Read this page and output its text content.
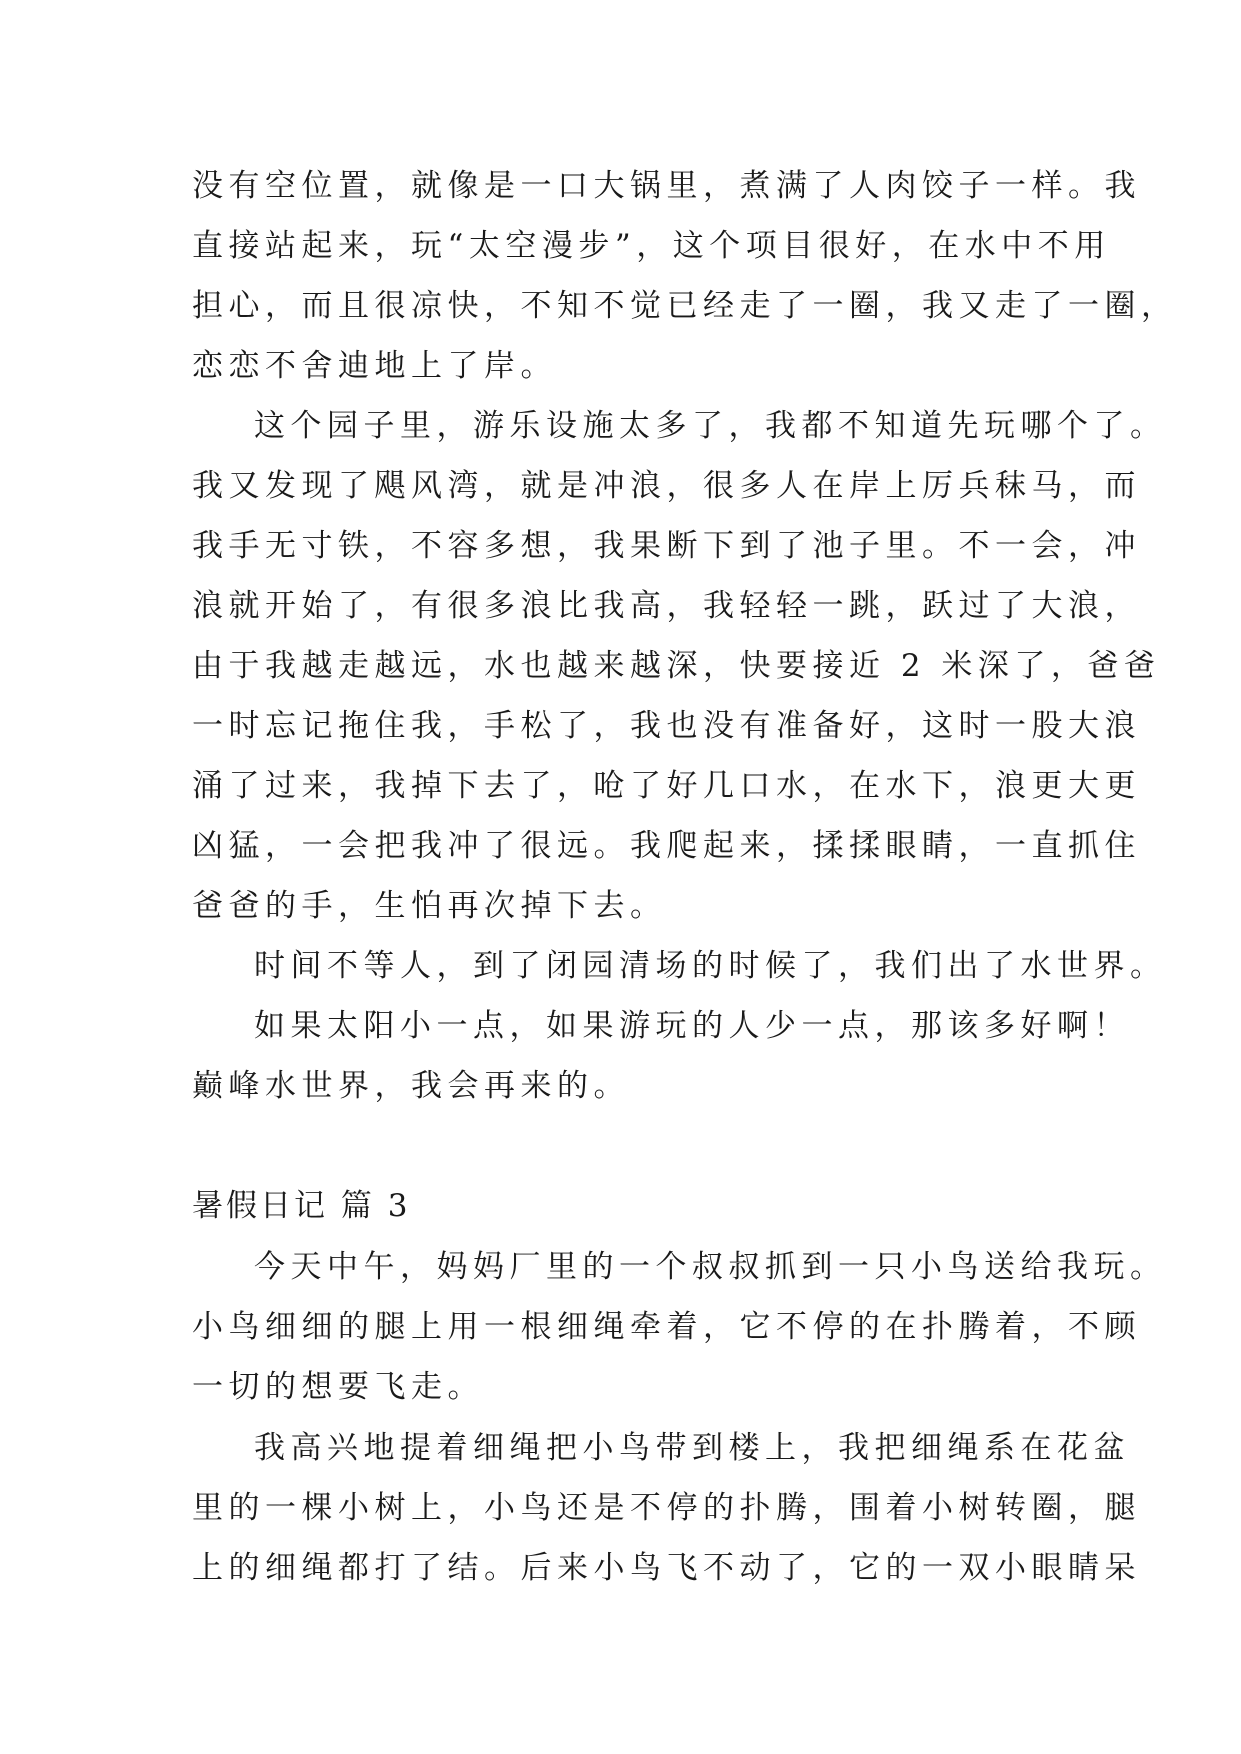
没有空位置，就像是一口大锅里，煮满了人肉饺子一样。我
直接站起来，玩“太空漫步”，这个项目很好，在水中不用
担心，而且很凉快，不知不觉已经走了一圈，我又走了一圈，
恋恋不舍迪地上了岸。
这个园子里，游乐设施太多了，我都不知道先玩哪个了。
我又发现了飓风湾，就是冲浪，很多人在岸上厉兵秣马，而
我手无寸铁，不容多想，我果断下到了池子里。不一会，冲
浪就开始了，有很多浪比我高，我轻轻一跳，跃过了大浪，
由于我越走越远，水也越来越深，快要接近 2 米深了，爸爸
一时忘记拖住我，手松了，我也没有准备好，这时一股大浪
涌了过来，我掉下去了，呛了好几口水，在水下，浪更大更
凶猛，一会把我冲了很远。我爬起来，揉揉眼睛，一直抓住
爸爸的手，生怕再次掉下去。
时间不等人，到了闭园清场的时候了，我们出了水世界。
如果太阳小一点，如果游玩的人少一点，那该多好啊！
巅峰水世界，我会再来的。
暑假日记 篇 3
今天中午，妈妈厂里的一个叔叔抓到一只小鸟送给我玩。
小鸟细细的腿上用一根细绳牵着，它不停的在扑腾着，不顾
一切的想要飞走。
我高兴地提着细绳把小鸟带到楼上，我把细绳系在花盆
里的一棵小树上，小鸟还是不停的扑腾，围着小树转圈，腿
上的细绳都打了结。后来小鸟飞不动了，它的一双小眼睛呆
